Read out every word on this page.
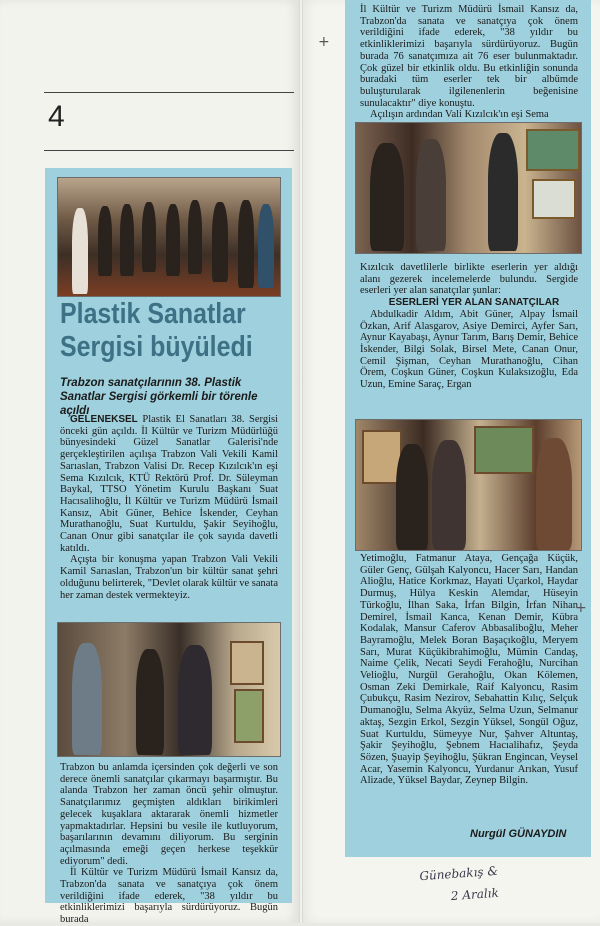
4
Plastik Sanatlar
Sergisi büyüledi
Trabzon sanatçılarının 38. Plastik Sanatlar Sergisi görkemli bir törenle açıldı

GELENEKSEL Plastik El Sanatları 38. Sergisi önceki gün açıldı. İl Kültür ve Turizm Müdürlüğü bünyesindeki Güzel Sanatlar Galerisi'nde gerçekleştirilen açılışa Trabzon Vali Vekili Kamil Sarıaslan, Trabzon Valisi Dr. Recep Kızılcık'ın eşi Sema Kızılcık, KTÜ Rektörü Prof. Dr. Süleyman Baykal, TTSO Yönetim Kurulu Başkanı Suat Hacısalihoğlu, İl Kültür ve Turizm Müdürü İsmail Kansız, Abit Güner, Behice İskender, Ceyhan Murathanoğlu, Suat Kurtuldu, Şakir Seyihoğlu, Canan Onur gibi sanatçılar ile çok sayıda davetli katıldı.

Açışta bir konuşma yapan Trabzon Vali Vekili Kamil Sarıaslan, Trabzon'un bir kültür sanat şehri olduğunu belirterek, "Devlet olarak kültür ve sanata her zaman destek vermekteyiz.

Trabzon bu anlamda içersinden çok değerli ve son derece önemli sanatçılar çıkarmayı başarmıştır. Bu alanda Trabzon her zaman öncü şehir olmuştur. Sanatçılarımız geçmişten aldıkları birikimleri gelecek kuşaklara aktararak önemli hizmetler yapmaktadırlar. Hepsini bu vesile ile kutluyorum, başarılarının devamını diliyorum. Bu serginin açılmasında emeği geçen herkese teşekkür ediyorum" dedi.

İl Kültür ve Turizm Müdürü İsmail Kansız da, Trabzon'da sanata ve sanatçıya çok önem verildiğini ifade ederek, "38 yıldır bu etkinliklerimizi başarıyla sürdürüyoruz. Bugün burada

İl Kültür ve Turizm Müdürü İsmail Kansız da, Trabzon'da sanata ve sanatçıya çok önem verildiğini ifade ederek, "38 yıldır bu etkinliklerimizi başarıyla sürdürüyoruz. Bugün burada 76 sanatçımıza ait 76 eser bulunmaktadır. Çok güzel bir etkinlik oldu. Bu etkinliğin sonunda buradaki tüm eserler tek bir albümde buluşturularak ilgilenenlerin beğenisine sunulacaktır" diye konuştu.

Açılışın ardından Vali Kızılcık'ın eşi Sema

Kızılcık davetlilerle birlikte eserlerin yer aldığı alanı gezerek incelemelerde bulundu. Sergide eserleri yer alan sanatçılar şunlar:

ESERLERİ YER ALAN SANATÇILAR

Abdulkadir Aldım, Abit Güner, Alpay İsmail Özkan, Arif Alasgarov, Asiye Demirci, Ayfer Sarı, Aynur Kayabaşı, Aynur Tarım, Barış Demir, Behice İskender, Bilgi Solak, Birsel Mete, Canan Onur, Cemil Şişman, Ceyhan Murathanoğlu, Cihan Örem, Coşkun Güner, Coşkun Kulaksızoğlu, Eda Uzun, Emine Saraç, Ergan

Yetimoğlu, Fatmanur Ataya, Gençağa Küçük, Güler Genç, Gülşah Kalyoncu, Hacer Sarı, Handan Alioğlu, Hatice Korkmaz, Hayati Uçarkol, Haydar Durmuş, Hülya Keskin Alemdar, Hüseyin Türkoğlu, İlhan Saka, İrfan Bilgin, İrfan Nihan Demirel, İsmail Kanca, Kenan Demir, Kübra Kodalak, Mansur Caferov Abbasaliboğlu, Meher Bayramoğlu, Melek Boran Başaçıkoğlu, Meryem Sarı, Murat Küçükibrahimoğlu, Mümin Candaş, Naime Çelik, Necati Seydi Ferahoğlu, Nurcihan Velioğlu, Nurgül Gerahoğlu, Okan Kölemen, Osman Zeki Demirkale, Raif Kalyoncu, Rasim Çubukçu, Rasim Nezirov, Sebahattin Kılıç, Selçuk Dumanoğlu, Selma Akyüz, Selma Uzun, Selmanur aktaş, Sezgin Erkol, Sezgin Yüksel, Songül Oğuz, Suat Kurtuldu, Sümeyye Nur, Şahver Altuntaş, Şakir Şeyihoğlu, Şebnem Hacıalihafız, Şeyda Sözen, Şuayip Şeyihoğlu, Şükran Engincan, Veysel Acar, Yasemin Kalyoncu, Yurdanur Arıkan, Yusuf Alizade, Yüksel Baydar, Zeynep Bilgin.

Nurgül GÜNAYDIN
Günebakış &
2 Aralık
+
+
